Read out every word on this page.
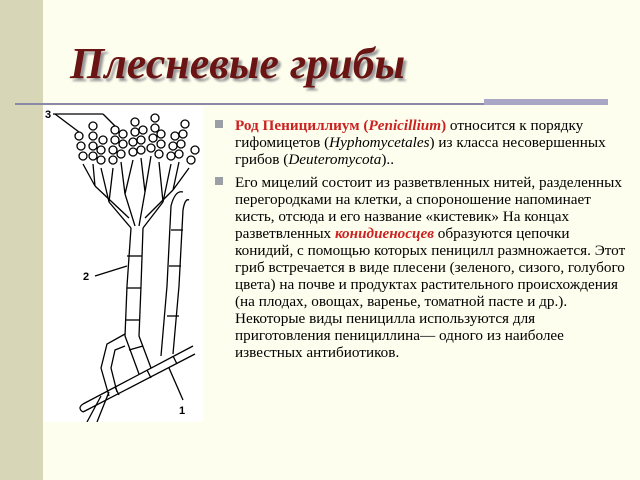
Плесневые грибы
3
2
1
Род Пенициллиум (Penicillium) относится к порядку гифомицетов (Hyphomycetales) из класса несовершенных грибов (Deuteromycota)..
Его мицелий состоит из разветвленных нитей, разделенных перегородками на клетки, а спороношение напоминает кисть, отсюда и его название «кистевик» На концах разветвленных конидиеносцев образуются цепочки конидий, с помощью которых пеницилл размножается. Этот гриб встречается в виде плесени (зеленого, сизого, голубого цвета) на почве и продуктах растительного происхождения (на плодах, овощах, варенье, томатной пасте и др.). Некоторые виды пеницилла используются для приготовления пенициллина— одного из наиболее известных антибиотиков.
